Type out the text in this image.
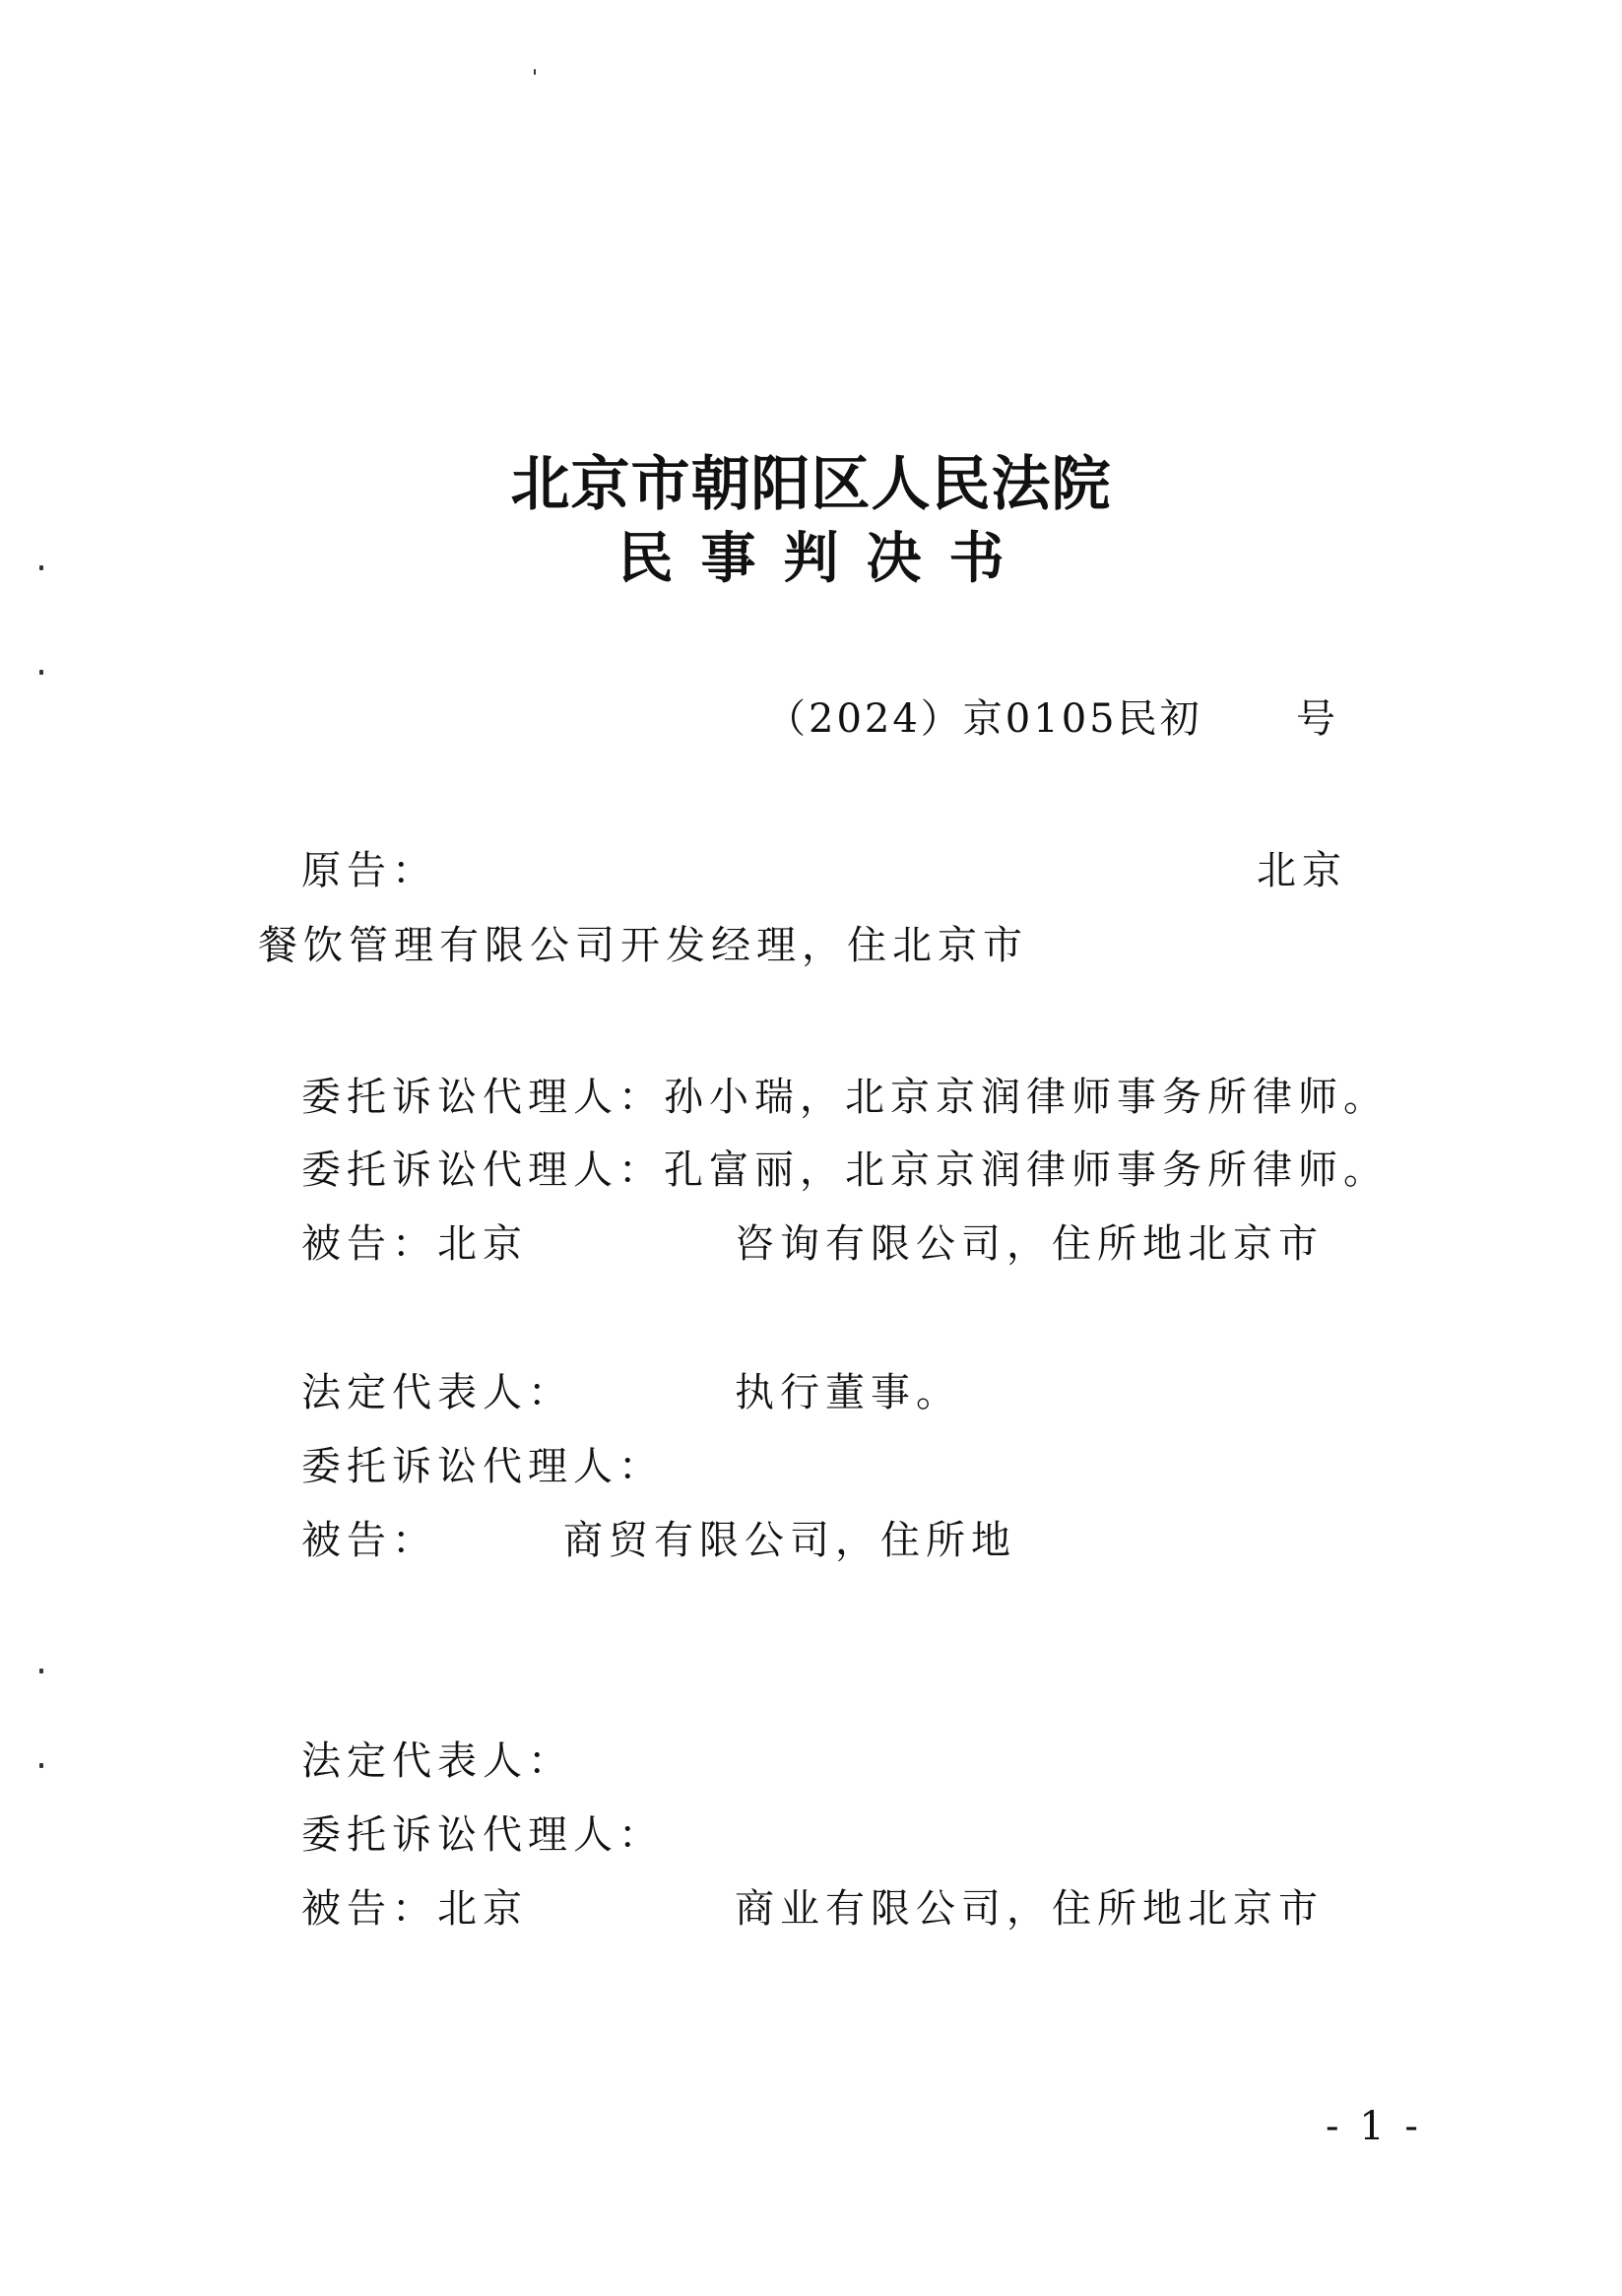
北京市朝阳区人民法院
民事判决书
（2024）京0105民初 号
原告：	北京
餐饮管理有限公司开发经理，住北京市
委托诉讼代理人：孙小瑞，北京京润律师事务所律师。
委托诉讼代理人：孔富丽，北京京润律师事务所律师。
被告：北京	咨询有限公司，住所地北京市
法定代表人：	执行董事。
委托诉讼代理人：
被告：	商贸有限公司，住所地
法定代表人：
委托诉讼代理人：
被告：北京	商业有限公司，住所地北京市
- 1 -
